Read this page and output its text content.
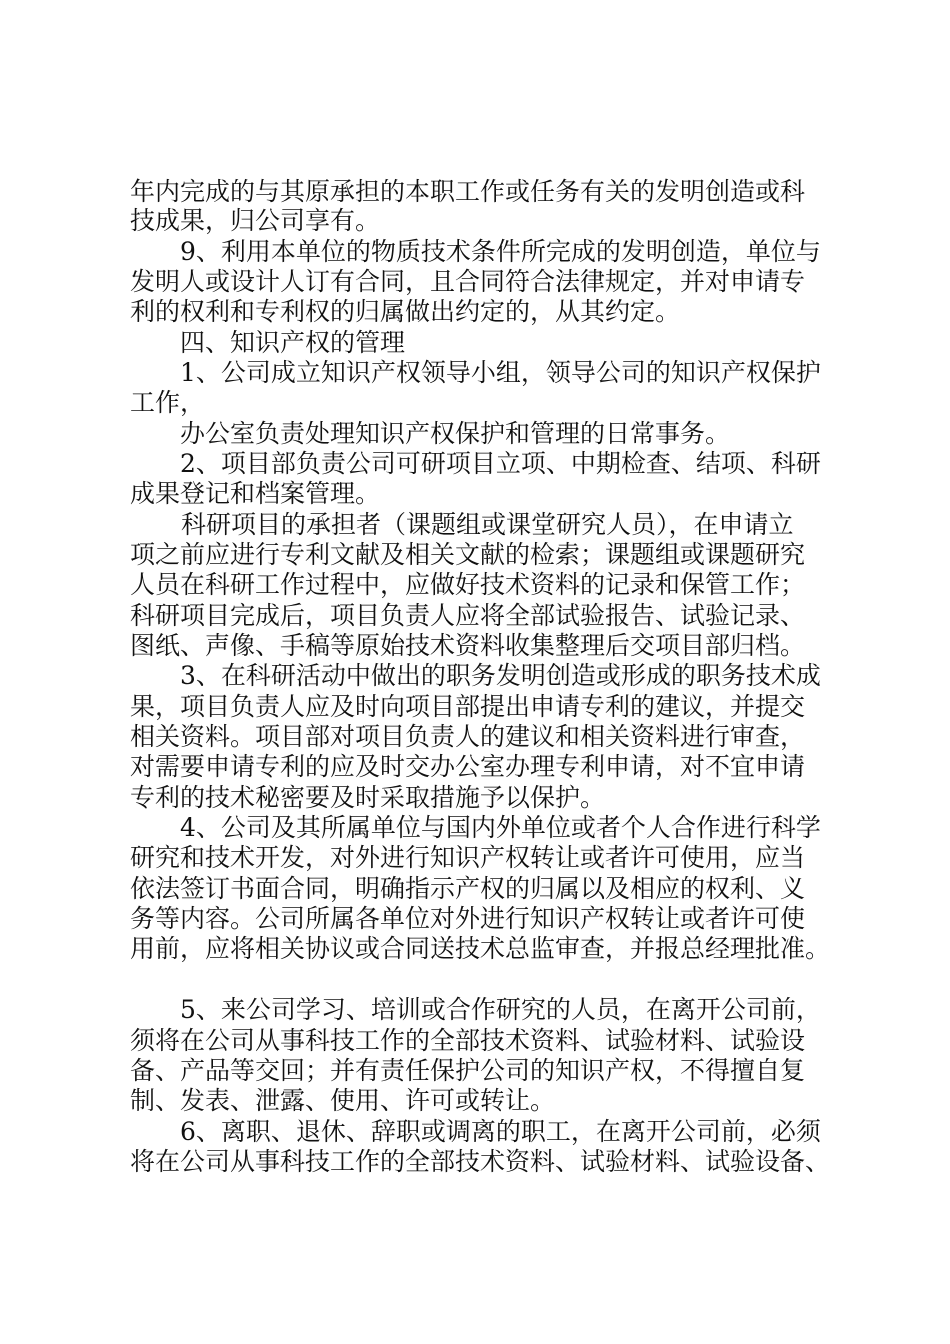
年内完成的与其原承担的本职工作或任务有关的发明创造或科
技成果，归公司享有。
9、利用本单位的物质技术条件所完成的发明创造，单位与
发明人或设计人订有合同，且合同符合法律规定，并对申请专
利的权利和专利权的归属做出约定的，从其约定。
四、知识产权的管理
1、公司成立知识产权领导小组，领导公司的知识产权保护
工作，
办公室负责处理知识产权保护和管理的日常事务。
2、项目部负责公司可研项目立项、中期检查、结项、科研
成果登记和档案管理。
科研项目的承担者（课题组或课堂研究人员），在申请立
项之前应进行专利文献及相关文献的检索；课题组或课题研究
人员在科研工作过程中，应做好技术资料的记录和保管工作；
科研项目完成后，项目负责人应将全部试验报告、试验记录、
图纸、声像、手稿等原始技术资料收集整理后交项目部归档。
3、在科研活动中做出的职务发明创造或形成的职务技术成
果，项目负责人应及时向项目部提出申请专利的建议，并提交
相关资料。项目部对项目负责人的建议和相关资料进行审查，
对需要申请专利的应及时交办公室办理专利申请，对不宜申请
专利的技术秘密要及时采取措施予以保护。
4、公司及其所属单位与国内外单位或者个人合作进行科学
研究和技术开发，对外进行知识产权转让或者许可使用，应当
依法签订书面合同，明确指示产权的归属以及相应的权利、义
务等内容。公司所属各单位对外进行知识产权转让或者许可使
用前，应将相关协议或合同送技术总监审查，并报总经理批准。
5、来公司学习、培训或合作研究的人员，在离开公司前，
须将在公司从事科技工作的全部技术资料、试验材料、试验设
备、产品等交回；并有责任保护公司的知识产权，不得擅自复
制、发表、泄露、使用、许可或转让。
6、离职、退休、辞职或调离的职工，在离开公司前，必须
将在公司从事科技工作的全部技术资料、试验材料、试验设备、
